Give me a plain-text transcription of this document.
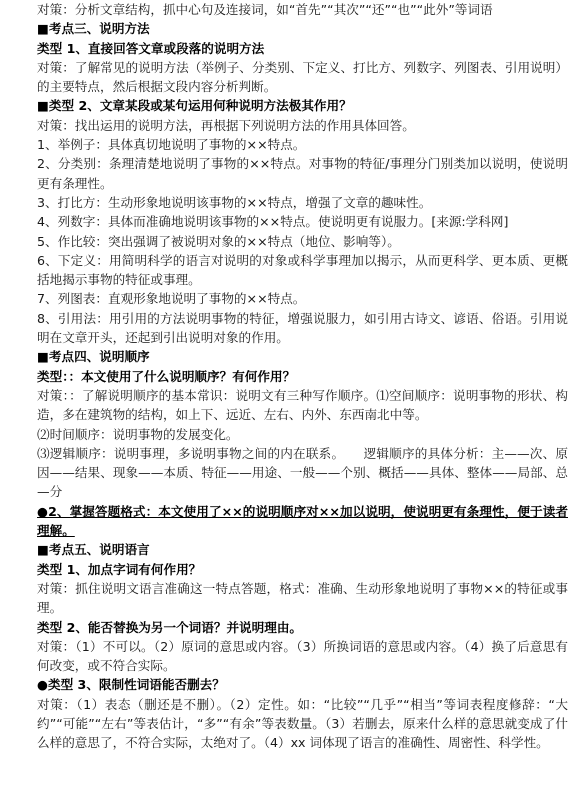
对策：分析文章结构，抓中心句及连接词，如“首先”“其次”“还”“也”“此外”等词语
■考点三、说明方法
类型 1、直接回答文章或段落的说明方法
对策：了解常见的说明方法（举例子、分类别、下定义、打比方、列数字、列图表、引用说明）的主要特点，然后根据文段内容分析判断。
■类型 2、文章某段或某句运用何种说明方法极其作用？
对策：找出运用的说明方法，再根据下列说明方法的作用具体回答。
1、举例子：具体真切地说明了事物的××特点。
2、分类别：条理清楚地说明了事物的××特点。对事物的特征/事理分门别类加以说明，使说明更有条理性。
3、打比方：生动形象地说明该事物的××特点，增强了文章的趣味性。
4、列数字：具体而准确地说明该事物的××特点。使说明更有说服力。[来源:学科网]
5、作比较：突出强调了被说明对象的××特点（地位、影响等）。
6、下定义：用简明科学的语言对说明的对象或科学事理加以揭示，从而更科学、更本质、更概括地揭示事物的特征或事理。
7、列图表：直观形象地说明了事物的××特点。
8、引用法：用引用的方法说明事物的特征，增强说服力，如引用古诗文、谚语、俗语。引用说明在文章开头，还起到引出说明对象的作用。
■考点四、说明顺序
类型：：本文使用了什么说明顺序？有何作用？
对策：：了解说明顺序的基本常识：说明文有三种写作顺序。⑴空间顺序：说明事物的形状、构造，多在建筑物的结构，如上下、远近、左右、内外、东西南北中等。
⑵时间顺序：说明事物的发展变化。
⑶逻辑顺序：说明事理，多说明事物之间的内在联系。　　逻辑顺序的具体分析：主——次、原因——结果、现象——本质、特征——用途、一般——个别、概括——具体、整体——局部、总—分
●2、掌握答题格式：本文使用了××的说明顺序对××加以说明，使说明更有条理性，便于读者理解。
■考点五、说明语言
类型 1、加点字词有何作用？
对策：抓住说明文语言准确这一特点答题，格式：准确、生动形象地说明了事物××的特征或事理。
类型 2、能否替换为另一个词语？并说明理由。
对策：（1）不可以。（2）原词的意思或内容。（3）所换词语的意思或内容。（4）换了后意思有何改变，或不符合实际。
●类型 3、限制性词语能否删去？
对策：（1）表态（删还是不删）。（2）定性。如：“比较”“几乎”“相当”等词表程度修辞：“大约”“可能”“左右”等表估计，“多”“有余”等表数量。（3）若删去，原来什么样的意思就变成了什么样的意思了，不符合实际，太绝对了。（4）xx 词体现了语言的准确性、周密性、科学性。
